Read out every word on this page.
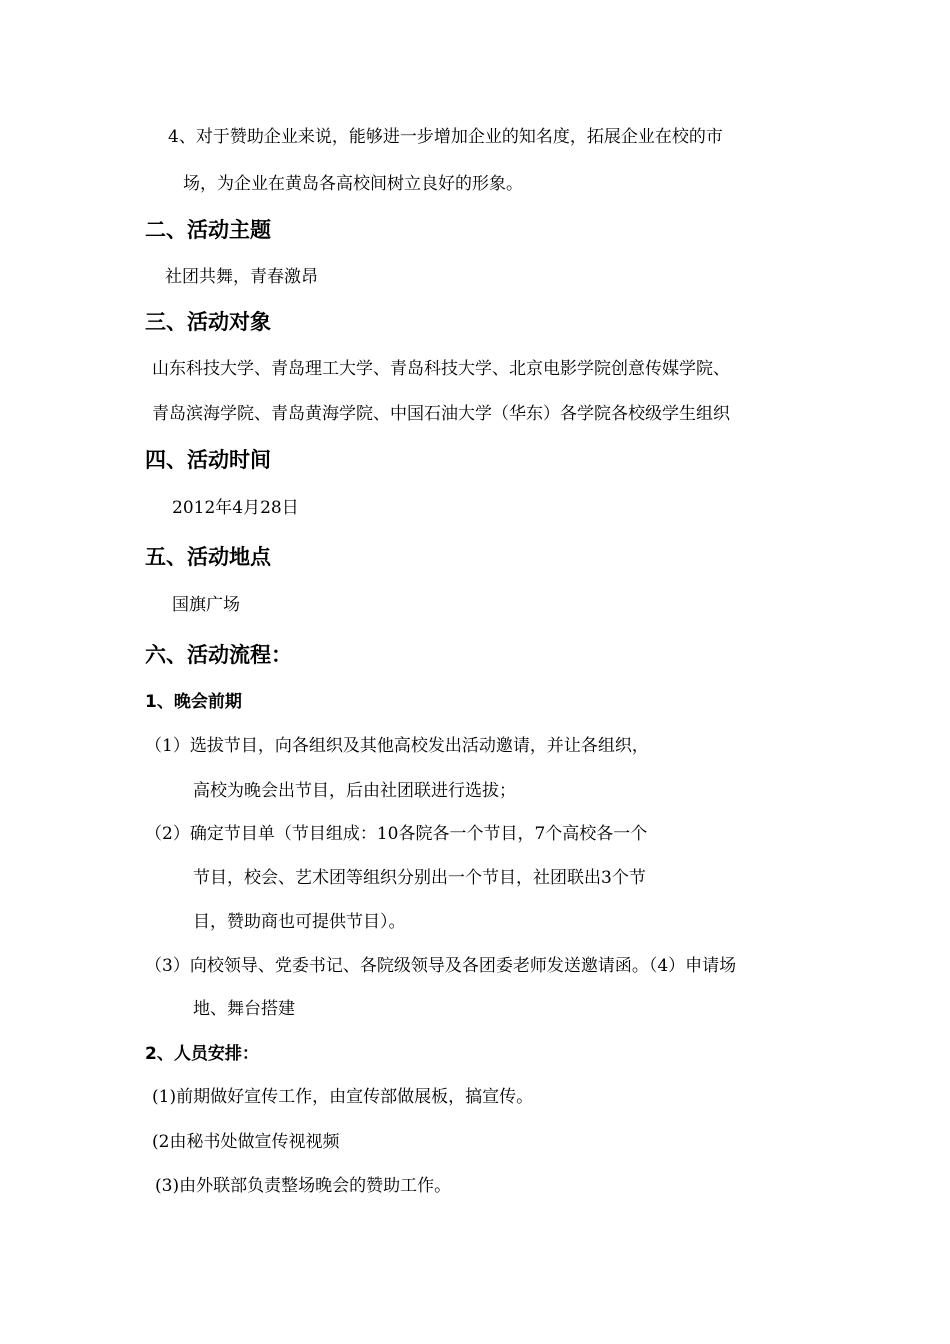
4、对于赞助企业来说，能够进一步增加企业的知名度，拓展企业在校的市
场，为企业在黄岛各高校间树立良好的形象。
二、活动主题
社团共舞，青春激昂
三、活动对象
山东科技大学、青岛理工大学、青岛科技大学、北京电影学院创意传媒学院、
青岛滨海学院、青岛黄海学院、中国石油大学（华东）各学院各校级学生组织
四、活动时间
2012年4月28日
五、活动地点
国旗广场
六、活动流程：
1、晚会前期
（1）选拔节目，向各组织及其他高校发出活动邀请，并让各组织，
高校为晚会出节目，后由社团联进行选拔；
（2）确定节目单（节目组成：10各院各一个节目，7个高校各一个
节目，校会、艺术团等组织分别出一个节目，社团联出3个节
目，赞助商也可提供节目）。
（3）向校领导、党委书记、各院级领导及各团委老师发送邀请函。（4）申请场
地、舞台搭建
2、人员安排：
(1)前期做好宣传工作，由宣传部做展板，搞宣传。
(2由秘书处做宣传视视频
(3)由外联部负责整场晚会的赞助工作。
